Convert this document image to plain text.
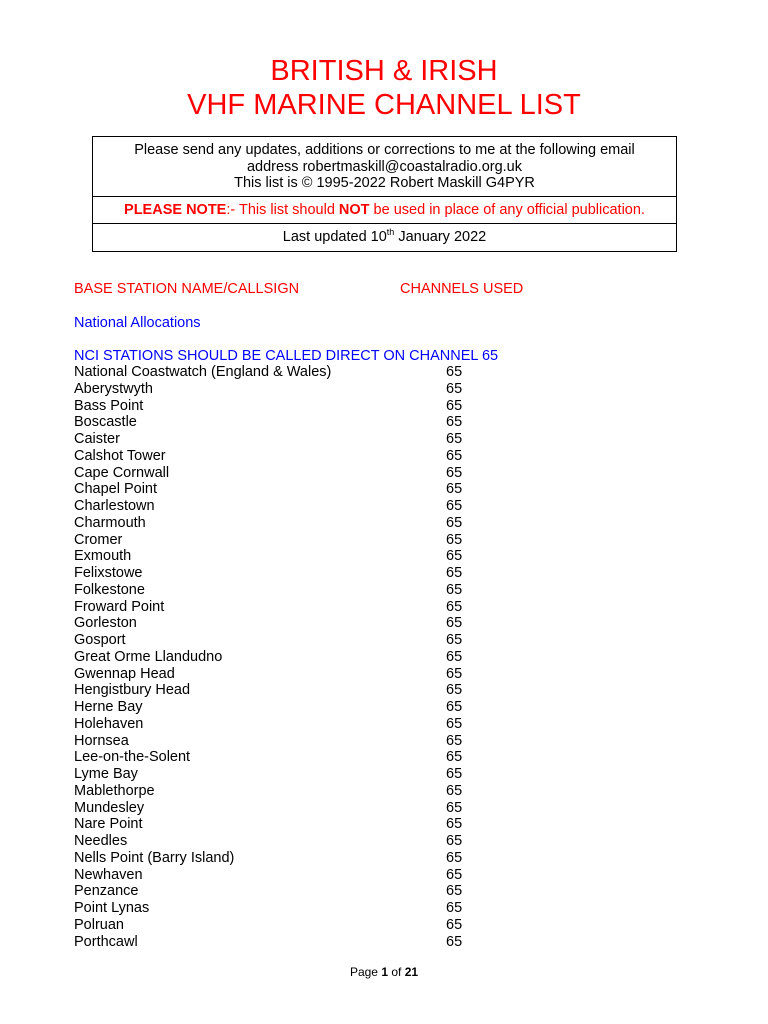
BRITISH & IRISH
VHF MARINE CHANNEL LIST
Please send any updates, additions or corrections to me at the following email
address robertmaskill@coastalradio.org.uk
This list is © 1995-2022 Robert Maskill G4PYR
PLEASE NOTE:- This list should NOT be used in place of any official publication.
Last updated 10th January 2022
BASE STATION NAME/CALLSIGN	CHANNELS USED
National Allocations
NCI STATIONS SHOULD BE CALLED DIRECT ON CHANNEL 65
National Coastwatch (England & Wales)	65
Aberystwyth	65
Bass Point	65
Boscastle	65
Caister	65
Calshot Tower	65
Cape Cornwall	65
Chapel Point	65
Charlestown	65
Charmouth	65
Cromer	65
Exmouth	65
Felixstowe	65
Folkestone	65
Froward Point	65
Gorleston	65
Gosport	65
Great Orme Llandudno	65
Gwennap Head	65
Hengistbury Head	65
Herne Bay	65
Holehaven	65
Hornsea	65
Lee-on-the-Solent	65
Lyme Bay	65
Mablethorpe	65
Mundesley	65
Nare Point	65
Needles	65
Nells Point (Barry Island)	65
Newhaven	65
Penzance	65
Point Lynas	65
Polruan	65
Porthcawl	65
Page 1 of 21
